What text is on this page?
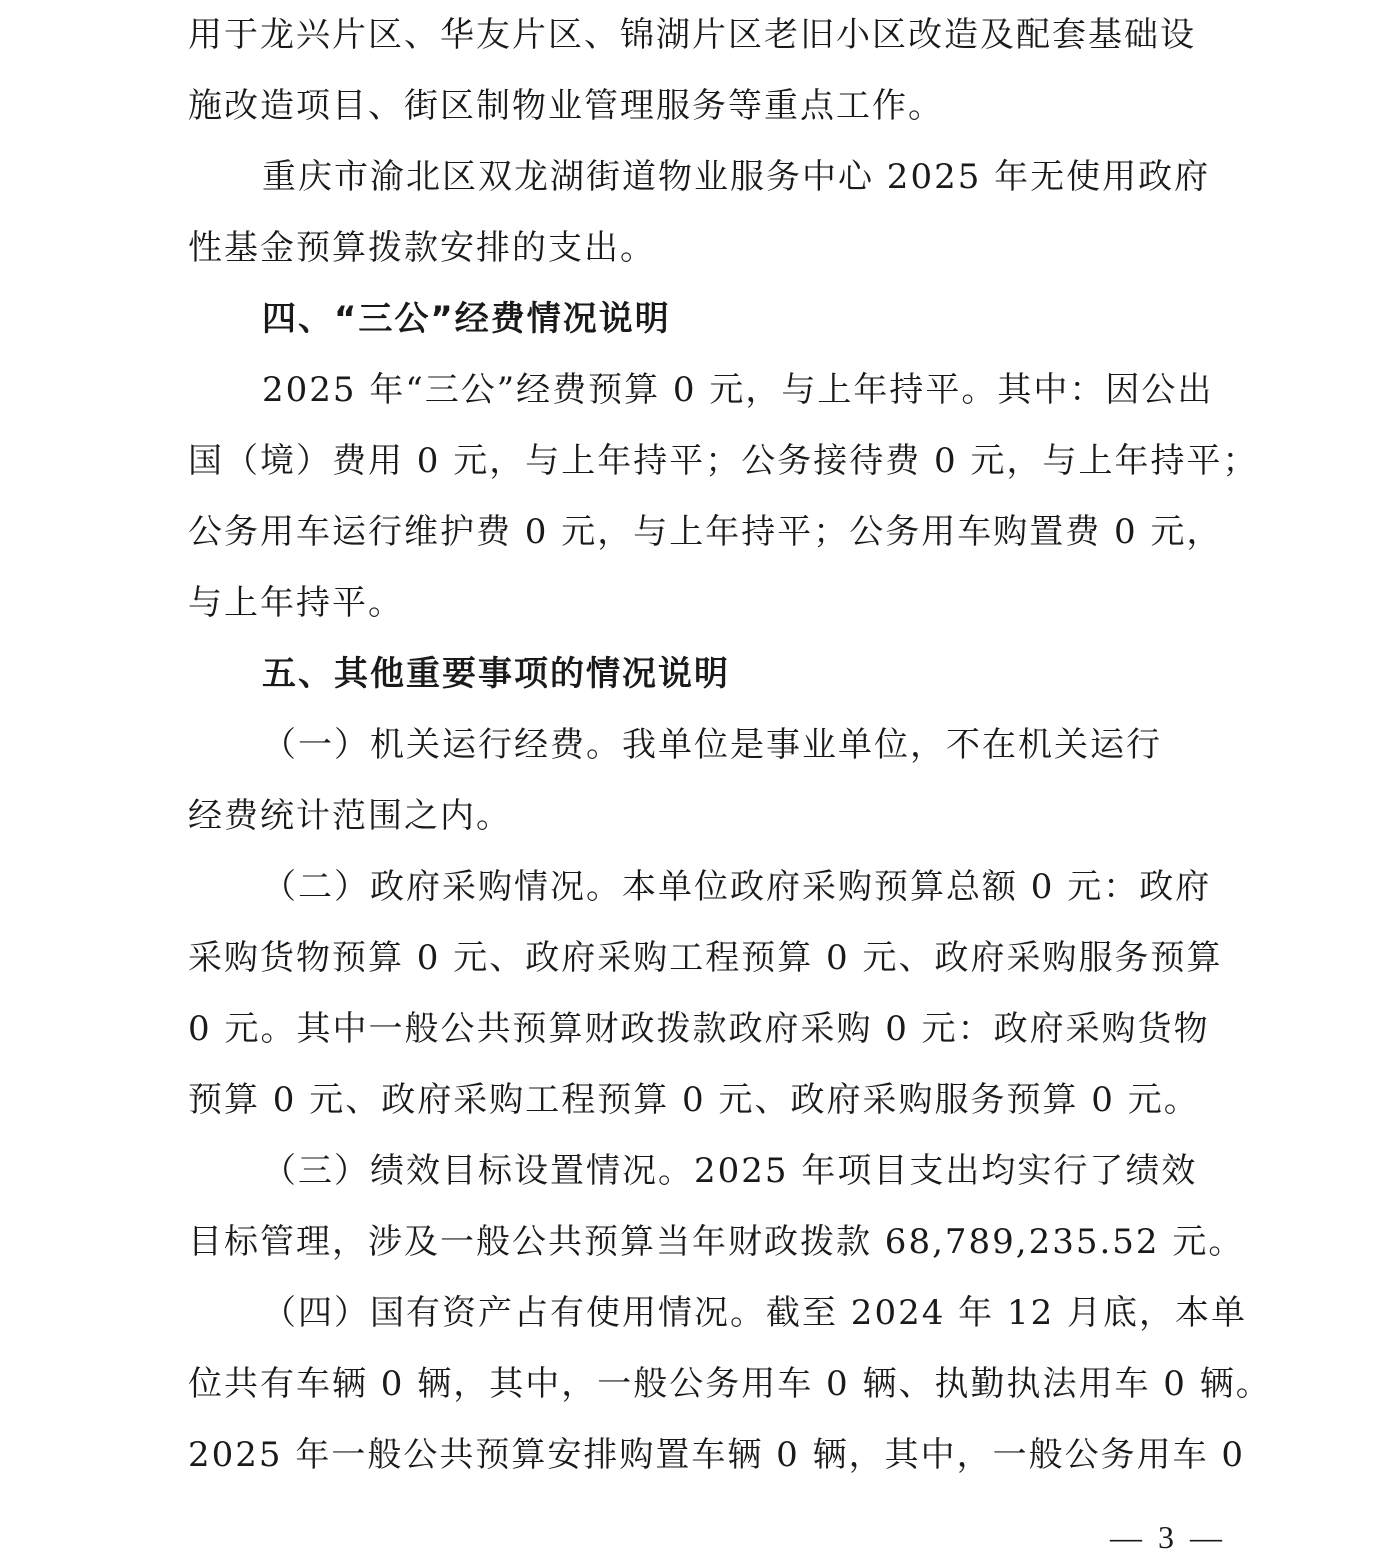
用于龙兴片区、华友片区、锦湖片区老旧小区改造及配套基础设
施改造项目、街区制物业管理服务等重点工作。
重庆市渝北区双龙湖街道物业服务中心 2025 年无使用政府
性基金预算拨款安排的支出。
四、“三公”经费情况说明
2025 年“三公”经费预算 0 元，与上年持平。其中：因公出
国（境）费用 0 元，与上年持平；公务接待费 0 元，与上年持平；
公务用车运行维护费 0 元，与上年持平；公务用车购置费 0 元，
与上年持平。
五、其他重要事项的情况说明
（一）机关运行经费。我单位是事业单位，不在机关运行
经费统计范围之内。
（二）政府采购情况。本单位政府采购预算总额 0 元：政府
采购货物预算 0 元、政府采购工程预算 0 元、政府采购服务预算
0 元。其中一般公共预算财政拨款政府采购 0 元：政府采购货物
预算 0 元、政府采购工程预算 0 元、政府采购服务预算 0 元。
（三）绩效目标设置情况。2025 年项目支出均实行了绩效
目标管理，涉及一般公共预算当年财政拨款 68,789,235.52 元。
（四）国有资产占有使用情况。截至 2024 年 12 月底，本单
位共有车辆 0 辆，其中，一般公务用车 0 辆、执勤执法用车 0 辆。
2025 年一般公共预算安排购置车辆 0 辆，其中，一般公务用车 0
— 3 —
